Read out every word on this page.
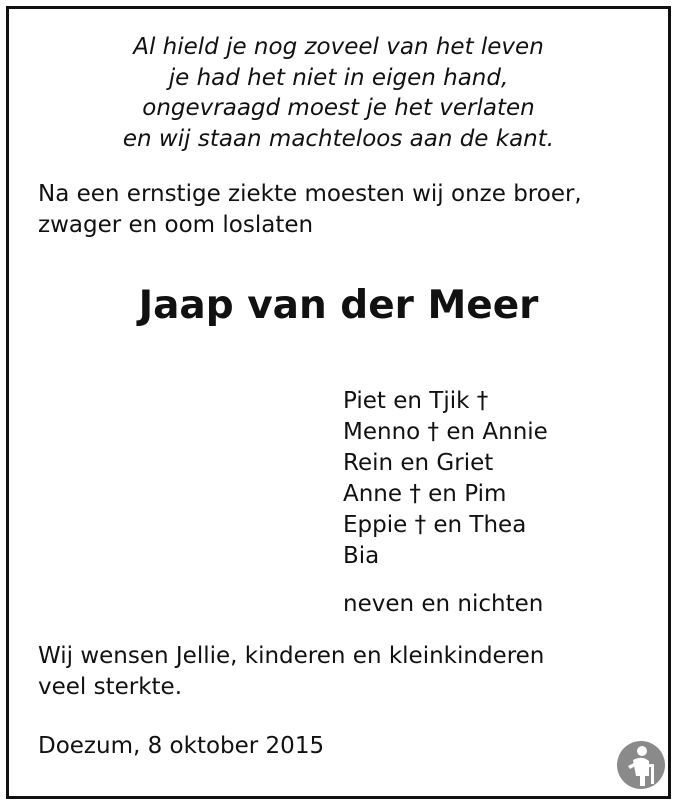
Al hield je nog zoveel van het leven
je had het niet in eigen hand,
ongevraagd moest je het verlaten
en wij staan machteloos aan de kant.
Na een ernstige ziekte moesten wij onze broer,
zwager en oom loslaten
Jaap van der Meer
Piet en Tjik †
Menno † en Annie
Rein en Griet
Anne † en Pim
Eppie † en Thea
Bia
neven en nichten
Wij wensen Jellie, kinderen en kleinkinderen
veel sterkte.
Doezum, 8 oktober 2015
